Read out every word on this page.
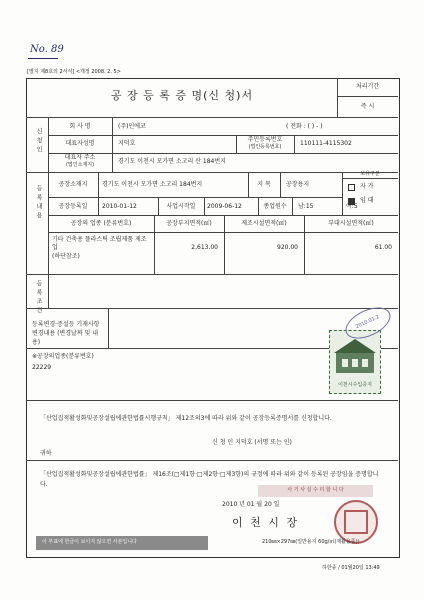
No. 89
[별지 제8호의 2서식] <개정 2008. 2. 5>
공 장 등 록 증 명(신 청)서
처리기간
즉 시
신청인
회 사 명	(주)인에코	( 전화 : ( ) - )
대표자성명	지덕호
주민등록번호
(법인등록번호)	110111-4115302
대표자 주소
(법인소재지)	경기도 이천시 모가면 소고리 산 184번지
등록내용
공장소재지	경기도 이천시 모가면 소고리 184번지	지 목	공장용지
보유구분
자 가
임 대
공장등록일	2010-01-12	사업시작일	2009-06-12	종업원수	남:15	여:5
공장의 업종 (분류번호)	공장부지면적(㎡)	제조시설면적(㎡)	부대시설면적(㎡)
기타 건축용 플라스틱 조립제품 제조업
(하단참조)
2,613.00	920.00	61.00
등록조건
등록변경·증설등 기재사항 변경내용 (변경날짜 및 내용)
※공장의업종(분류번호)
22229
이천시수입증지
2010.01.2
「산업집적활성화및공장설립에관한법률시행규칙」 제12조의3에 따라 위와 같이 공장등록증명서를 신청합니다.
신 청 인 지덕호 (서명 또는 인)
귀하
「산업집적활성화및공장설립에관한법률」 제16조(□제1항·□제2항·□제3항)의 규정에 따라 위와 같이 등록된 공장임을 증명합니다.
사 기 사 실 수 리 합 니 다
2010 년 01 월 20 일
이 천 시 장
이 부표에 한글이 보이지 않으면 사본입니다	210㎜×297㎜(일반용지 60g/㎡(재활용품))
하한종 / 01월20일 13:49
